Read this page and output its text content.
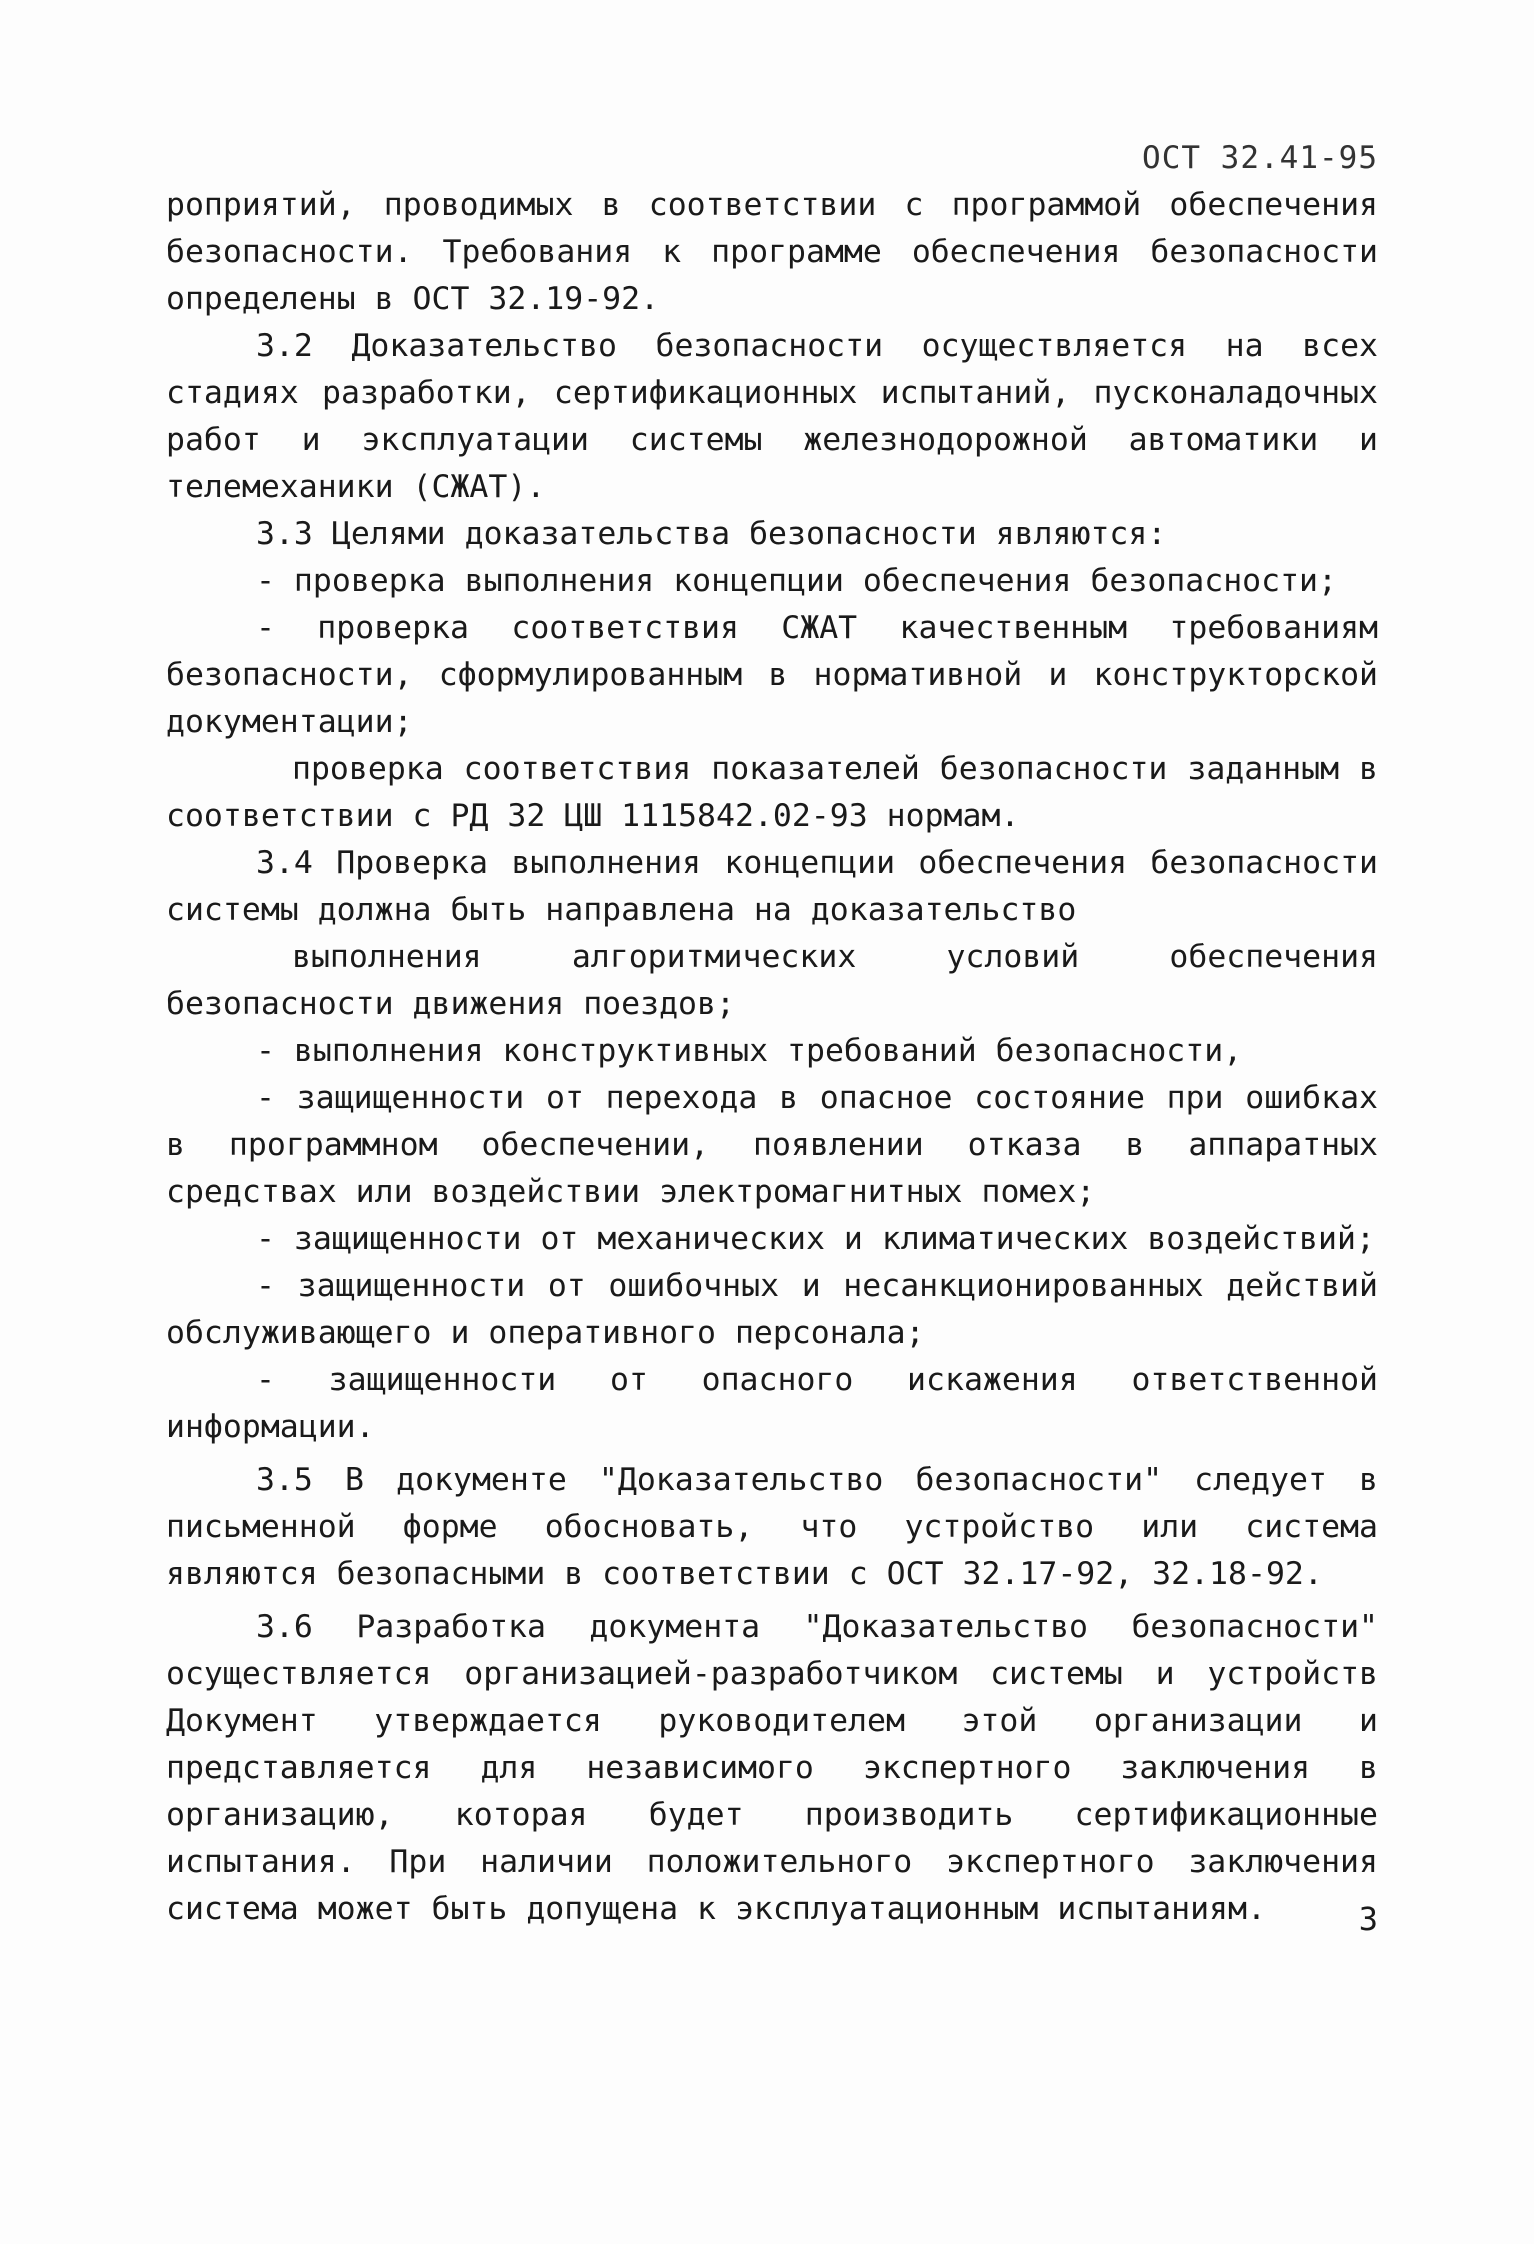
ОСТ 32.41-95

роприятий, проводимых в соответствии с программой обеспечения безопасности. Требования к программе обеспечения безопасности определены в ОСТ 32.19-92.

3.2 Доказательство безопасности осуществляется на всех стадиях разработки, сертификационных испытаний, пусконаладочных работ и эксплуатации системы железнодорожной автоматики и телемеханики (СЖАТ).

3.3 Целями доказательства безопасности являются:

- проверка выполнения концепции обеспечения безопасности;

- проверка соответствия СЖАТ качественным требованиям безопасности, сформулированным в нормативной и конструкторской документации;

проверка соответствия показателей безопасности заданным в соответствии с РД 32 ЦШ 1115842.02-93 нормам.

3.4 Проверка выполнения концепции обеспечения безопасности системы должна быть направлена на доказательство

выполнения алгоритмических условий обеспечения безопасности движения поездов;

- выполнения конструктивных требований безопасности,

- защищенности от перехода в опасное состояние при ошибках в программном обеспечении, появлении отказа в аппаратных средствах или воздействии электромагнитных помех;

- защищенности от механических и климатических воздействий;

- защищенности от ошибочных и несанкционированных действий обслуживающего и оперативного персонала;

- защищенности от опасного искажения ответственной информации.

3.5 В документе "Доказательство безопасности" следует в письменной форме обосновать, что устройство или система являются безопасными в соответствии с ОСТ 32.17-92, 32.18-92.

3.6 Разработка документа "Доказательство безопасности" осуществляется организацией-разработчиком системы и устройств Документ утверждается руководителем этой организации и представляется для независимого экспертного заключения в организацию, которая будет производить сертификационные испытания. При наличии положительного экспертного заключения система может быть допущена к эксплуатационным испытаниям.	3
